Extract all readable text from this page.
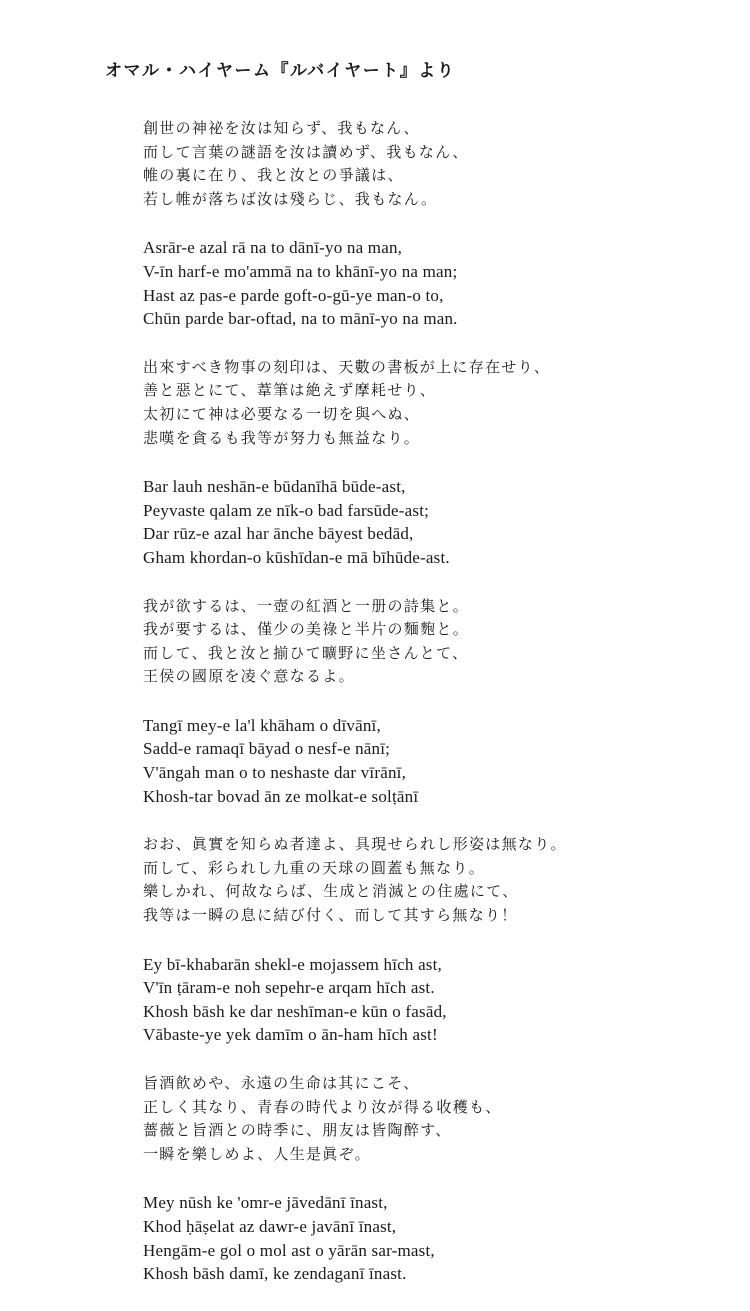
オマル・ハイヤーム『ルバイヤート』より
創世の神祕を汝は知らず、我もなん、
而して言葉の謎語を汝は讀めず、我もなん、
帷の裏に在り、我と汝との爭議は、
若し帷が落ちば汝は殘らじ、我もなん。
Asrār-e azal rā na to dānī-yo na man,
V-īn harf-e mo'ammā na to khānī-yo na man;
Hast az pas-e parde goft-o-gū-ye man-o to,
Chūn parde bar-oftad, na to mānī-yo na man.
出來すべき物事の刻印は、天數の書板が上に存在せり、
善と惡とにて、葦筆は絶えず摩耗せり、
太初にて神は必要なる一切を與へぬ、
悲嘆を貪るも我等が努力も無益なり。
Bar lauh neshān-e būdanīhā būde-ast,
Peyvaste qalam ze nīk-o bad farsūde-ast;
Dar rūz-e azal har ānche bāyest bedād,
Gham khordan-o kūshīdan-e mā bīhūde-ast.
我が欲するは、一壺の紅酒と一册の詩集と。
我が要するは、僅少の美祿と半片の麵麭と。
而して、我と汝と揃ひて曠野に坐さんとて、
王侯の國原を凌ぐ意なるよ。
Tangī mey-e la'l khāham o dīvānī,
Sadd-e ramaqī bāyad o nesf-e nānī;
V'āngah man o to neshaste dar vīrānī,
Khosh-tar bovad ān ze molkat-e solṭānī
おお、眞實を知らぬ者達よ、具現せられし形姿は無なり。
而して、彩られし九重の天球の圓蓋も無なり。
樂しかれ、何故ならば、生成と消滅との住處にて、
我等は一瞬の息に結び付く、而して其すら無なり！
Ey bī-khabarān shekl-e mojassem hīch ast,
V'īn ṭāram-e noh sepehr-e arqam hīch ast.
Khosh bāsh ke dar neshīman-e kūn o fasād,
Vābaste-ye yek damīm o ān-ham hīch ast!
旨酒飮めや、永遠の生命は其にこそ、
正しく其なり、青春の時代より汝が得る收穫も、
薔薇と旨酒との時季に、朋友は皆陶醉す、
一瞬を樂しめよ、人生是眞ぞ。
Mey nūsh ke 'omr-e jāvedānī īnast,
Khod ḥāṣelat az dawr-e javānī īnast,
Hengām-e gol o mol ast o yārān sar-mast,
Khosh bāsh damī, ke zendaganī īnast.
